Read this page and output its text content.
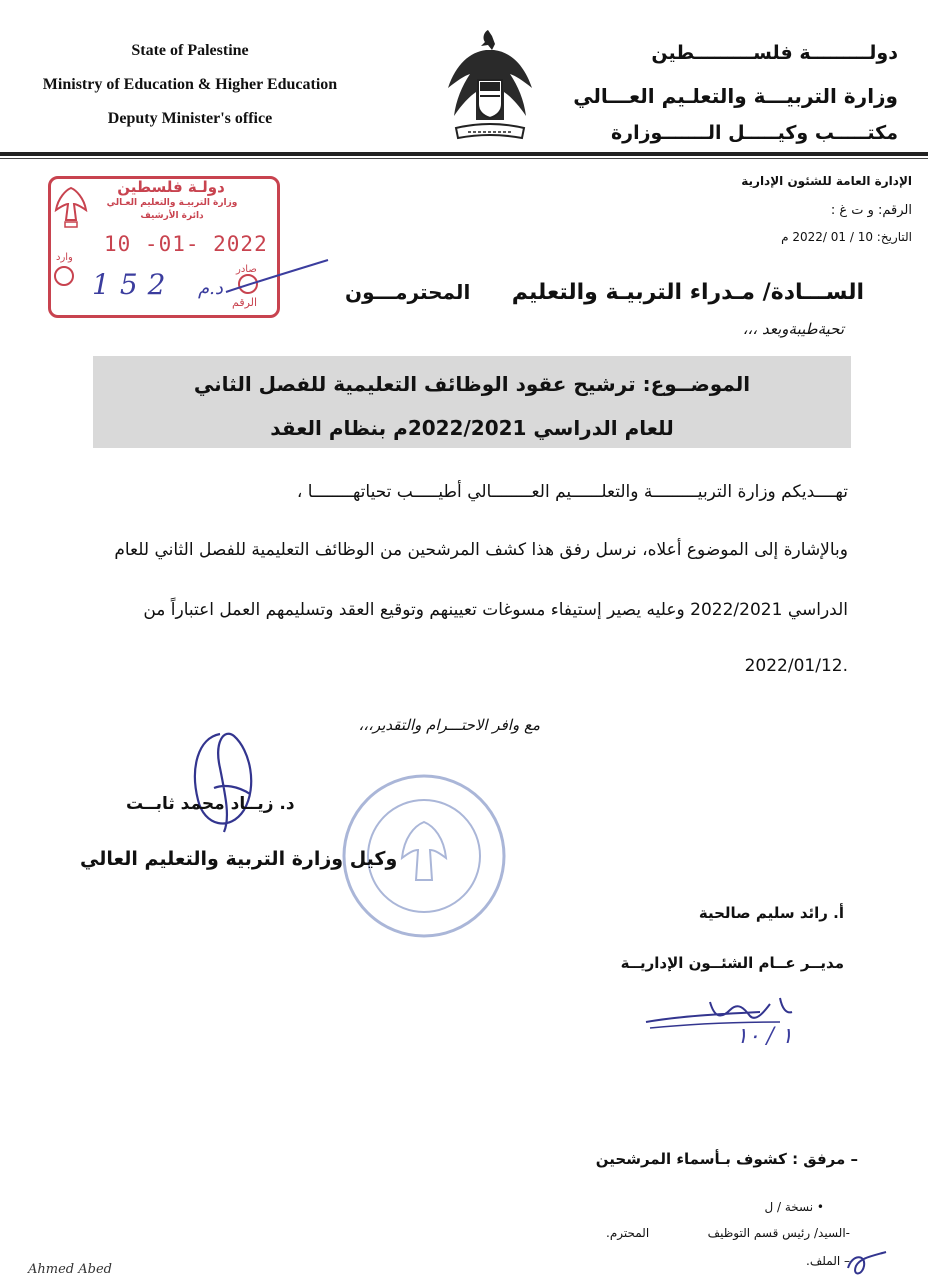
State of Palestine
Ministry of Education & Higher Education
Deputy Minister's office
دولـــــــــة فلســـــــــطين
وزارة التربيـــة والتعلـيم العـــالي
مكتـــــب وكيـــــل الـــــــوزارة
الإدارة العامة للشئون الإدارية
الرقم: و ت غ :
التاريخ: 10 / 01 /2022 م
دولـة فلسطين
وزارة التربيـة والتعليم العـالي
دائرة الأرشيف
وارد
صادر
10 -01- 2022
الرقم
152 د.م	الســـادة/ مـدراء التربيـة والتعليم
المحترمـــون
تحيةطيبةوبعد ،،،
الموضــوع: ترشيح عقود الوظائف التعليمية للفصل الثاني
للعام الدراسي 2022/2021م بنظام العقد
تهــــديكم وزارة التربيـــــــــة والتعلــــــيم العــــــــالي أطيـــــب تحياتهــــــــا ،
وبالإشارة إلى الموضوع أعلاه، نرسل رفق هذا كشف المرشحين من الوظائف التعليمية للفصل الثاني للعام
الدراسي 2022/2021 وعليه يصير إستيفاء مسوغات تعيينهم وتوقيع العقد وتسليمهم العمل اعتباراً من
.2022/01/12
مع وافر الاحتـــرام والتقدير،،،
د. زيــاد محمد ثابــت
وكيل وزارة التربية والتعليم العالي
أ. رائد سليم صالحية
مديــر عــام الشئــون الإداريــة
١ / ١٠
– مرفق : كشوف بـأسماء المرشحين
• نسخة / ل
-السيد/ رئيس قسم التوظيف
المحترم.
– الملف.
Ahmed Abed
